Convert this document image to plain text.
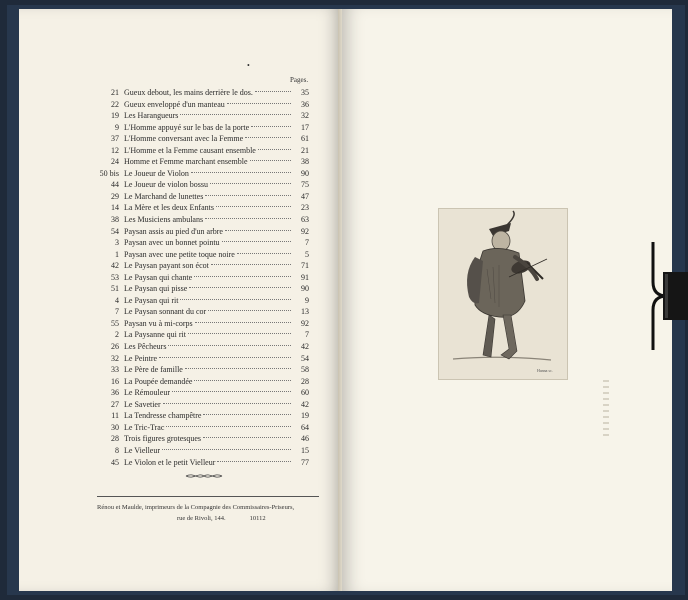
•
Pages.
21 Gueux debout, les mains derrière le dos.	35
22 Gueux enveloppé d'un manteau	36
19 Les Harangueurs	32
9 L'Homme appuyé sur le bas de la porte	17
37 L'Homme conversant avec la Femme	61
12 L'Homme et la Femme causant ensemble	21
24 Homme et Femme marchant ensemble	38
50 bis Le Joueur de Violon	90
44 Le Joueur de violon bossu	75
29 Le Marchand de lunettes	47
14 La Mère et les deux Enfants	23
38 Les Musiciens ambulans	63
54 Paysan assis au pied d'un arbre	92
3 Paysan avec un bonnet pointu	7
1 Paysan avec une petite toque noire	5
42 Le Paysan payant son écot	71
53 Le Paysan qui chante	91
51 Le Paysan qui pisse	90
4 Le Paysan qui rit	9
7 Le Paysan sonnant du cor	13
55 Paysan vu à mi-corps	92
2 La Paysanne qui rit	7
26 Les Pêcheurs	42
32 Le Peintre	54
33 Le Père de famille	58
16 La Poupée demandée	28
36 Le Rémouleur	60
27 Le Savetier	42
11 La Tendresse champêtre	19
30 Le Tric-Trac	64
28 Trois figures grotesques	46
8 Le Vielleur	15
45 Le Violon et le petit Vielleur	77
Rénou et Maulde, imprimeurs de la Compagnie des Commissaires-Priseurs,
rue de Rivoli, 144.	10112
Hanna sc.
